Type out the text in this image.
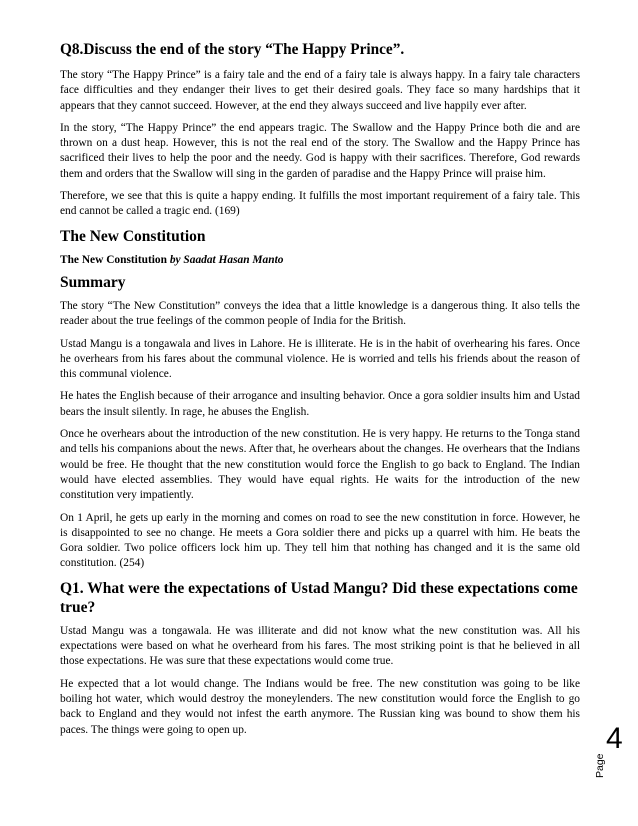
Q8.Discuss the end of the story “The Happy Prince”.

The story “The Happy Prince” is a fairy tale and the end of a fairy tale is always happy. In a fairy tale characters face difficulties and they endanger their lives to get their desired goals. They face so many hardships that it appears that they cannot succeed. However, at the end they always succeed and live happily ever after.

In the story, “The Happy Prince” the end appears tragic. The Swallow and the Happy Prince both die and are thrown on a dust heap. However, this is not the real end of the story. The Swallow and the Happy Prince has sacrificed their lives to help the poor and the needy. God is happy with their sacrifices. Therefore, God rewards them and orders that the Swallow will sing in the garden of paradise and the Happy Prince will praise him.

Therefore, we see that this is quite a happy ending. It fulfills the most important requirement of a fairy tale. This end cannot be called a tragic end. (169)

The New Constitution

The New Constitution by Saadat Hasan Manto

Summary

The story “The New Constitution” conveys the idea that a little knowledge is a dangerous thing. It also tells the reader about the true feelings of the common people of India for the British.

Ustad Mangu is a tongawala and lives in Lahore. He is illiterate. He is in the habit of overhearing his fares. Once he overhears from his fares about the communal violence. He is worried and tells his friends about the reason of this communal violence.

He hates the English because of their arrogance and insulting behavior. Once a gora soldier insults him and Ustad bears the insult silently. In rage, he abuses the English.

Once he overhears about the introduction of the new constitution. He is very happy. He returns to the Tonga stand and tells his companions about the news. After that, he overhears about the changes. He overhears that the Indians would be free. He thought that the new constitution would force the English to go back to England. The Indian would have elected assemblies. They would have equal rights. He waits for the introduction of the new constitution very impatiently.

On 1 April, he gets up early in the morning and comes on road to see the new constitution in force. However, he is disappointed to see no change. He meets a Gora soldier there and picks up a quarrel with him. He beats the Gora soldier. Two police officers lock him up. They tell him that nothing has changed and it is the same old constitution. (254)

Q1. What were the expectations of Ustad Mangu? Did these expectations come true?

Ustad Mangu was a tongawala. He was illiterate and did not know what the new constitution was. All his expectations were based on what he overheard from his fares. The most striking point is that he believed in all those expectations. He was sure that these expectations would come true.

He expected that a lot would change. The Indians would be free. The new constitution was going to be like boiling hot water, which would destroy the moneylenders. The new constitution would force the English to go back to England and they would not infest the earth anymore. The Russian king was bound to show them his paces. The things were going to open up.

Page
4
